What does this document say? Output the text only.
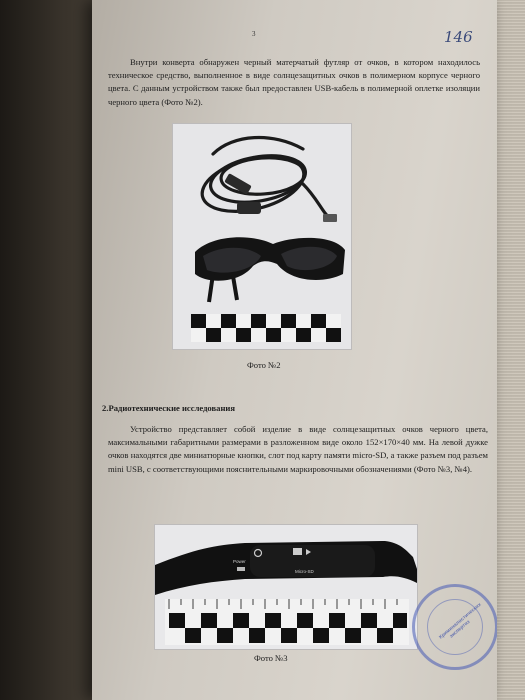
3	146
Внутри конверта обнаружен черный матерчатый футляр от очков, в котором находилось техническое средство, выполненное в виде солнцезащитных очков в полимерном корпусе черного цвета. С данным устройством также был предоставлен USB-кабель в полимерной оплетке изоляции черного цвета (Фото №2).
Фото №2
2.Радиотехнические исследования
Устройство представляет собой изделие в виде солнцезащитных очков черного цвета, максимальными габаритными размерами в разложенном виде около 152×170×40 мм. На левой дужке очков находятся две миниатюрные кнопки, слот под карту памяти micro-SD, а также разъем под разъем mini USB, с соответствующими пояснительными маркировочными обозначениями (Фото №3, №4).
Power
Micro-SD
Фото №3
Криминалистических экспертиз
